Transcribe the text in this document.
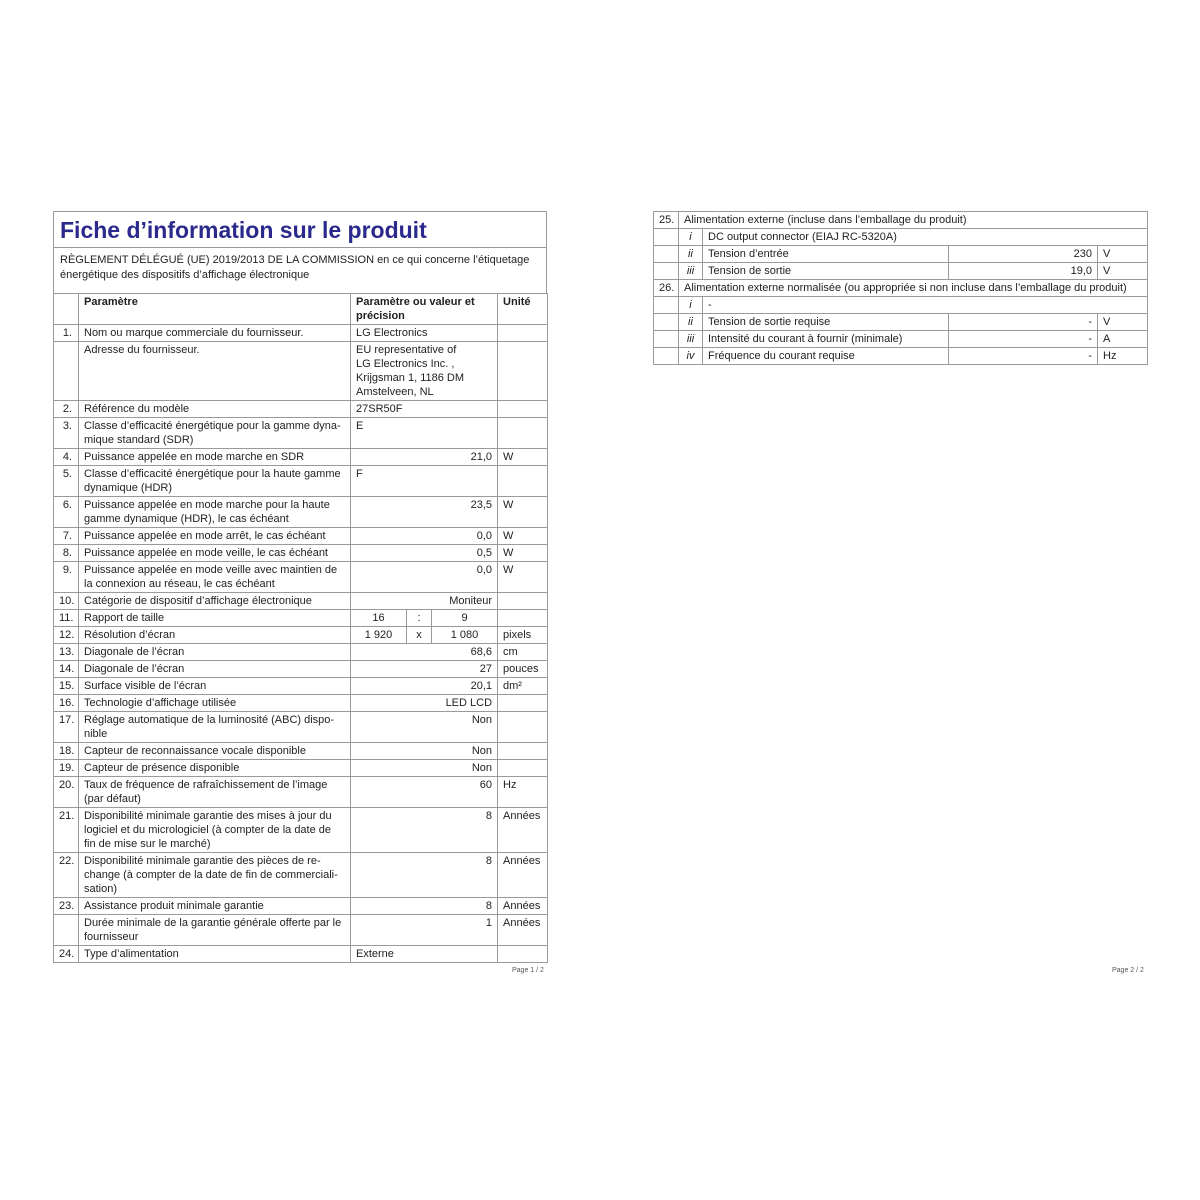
Fiche d’information sur le produit
RÈGLEMENT DÉLÉGUÉ (UE) 2019/2013 DE LA COMMISSION en ce qui concerne l’étiquetage énergétique des dispositifs d’affichage électronique
	Paramètre	Paramètre ou valeur et précision			Unité
1.	Nom ou marque commerciale du fournisseur.	LG Electronics			
	Adresse du fournisseur.	EU representative of LG Electronics Inc. , Krijgsman 1, 1186 DM Amstelveen, NL			
2.	Référence du modèle	27SR50F			
3.	Classe d’efficacité énergétique pour la gamme dyna-mique standard (SDR)	E			
4.	Puissance appelée en mode marche en SDR	21,0			W
5.	Classe d’efficacité énergétique pour la haute gamme dynamique (HDR)	F			
6.	Puissance appelée en mode marche pour la haute gamme dynamique (HDR), le cas échéant	23,5			W
7.	Puissance appelée en mode arrêt, le cas échéant	0,0			W
8.	Puissance appelée en mode veille, le cas échéant	0,5			W
9.	Puissance appelée en mode veille avec maintien de la connexion au réseau, le cas échéant	0,0			W
10.	Catégorie de dispositif d’affichage électronique	Moniteur			
11.	Rapport de taille	16	:	9	
12.	Résolution d’écran	1 920	x	1 080	pixels
13.	Diagonale de l’écran	68,6			cm
14.	Diagonale de l’écran	27			pouces
15.	Surface visible de l’écran	20,1			dm²
16.	Technologie d’affichage utilisée	LED LCD			
17.	Réglage automatique de la luminosité (ABC) dispo-nible	Non			
18.	Capteur de reconnaissance vocale disponible	Non			
19.	Capteur de présence disponible	Non			
20.	Taux de fréquence de rafraîchissement de l’image (par défaut)	60			Hz
21.	Disponibilité minimale garantie des mises à jour du logiciel et du micrologiciel (à compter de la date de fin de mise sur le marché)	8			Années
22.	Disponibilité minimale garantie des pièces de re-change (à compter de la date de fin de commerciali-sation)	8			Années
23.	Assistance produit minimale garantie	8			Années
	Durée minimale de la garantie générale offerte par le fournisseur	1			Années
24.	Type d’alimentation	Externe			
Page 1 / 2
25.	Alimentation externe (incluse dans l’emballage du produit)			
	i	DC output connector (EIAJ RC-5320A)		
	ii	Tension d’entrée	230	V
	iii	Tension de sortie	19,0	V
26.	Alimentation externe normalisée (ou appropriée si non incluse dans l’emballage du produit)			
	i	-		
	ii	Tension de sortie requise	-	V
	iii	Intensité du courant à fournir (minimale)	-	A
	iv	Fréquence du courant requise	-	Hz
Page 2 / 2
